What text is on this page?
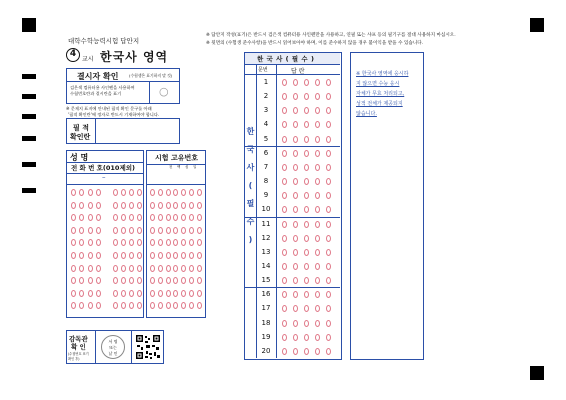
대학수학능력시험 답안지
4
교시 한국사 영역
※ 답안지 작성(표기)은 반드시 검은색 컴퓨터용 사인펜만을 사용하고, 연필 또는 샤프 등의 필기구를 절대 사용하지 마십시오.
※ 뒷면의 (수험생 준수사항)을 반드시 읽어보아야 하며, 이를 준수하지 않을 경우 불이익을 받을 수 있습니다.
결시자 확인	(수험생은 표기하지 말 것)
검은색 컴퓨터용 사인펜을 사용하여
수험번호란과 결시란을 표기	○
※ 문제지 표지에 안내된 필적 확인 문구를 아래
'필적 확인란'에 정자로 반드시 기재하여야 합니다.
필 적
확인란
성 명
전 화 번 호(010제외)
–
시험 고유번호
천 백 십 일
감독관
확 인
(수험번호 표기 확인 후)
서 명
또는
날 인
한 국 사 ( 필 수 )
문번	답 란
한
국
사
(
필
수
)
1
2
3
4
5
6
7
8
9
10
11
12
13
14
15
16
17
18
19
20
※ 한국사 영역에 응시하
지 않으면 수능 응시
자체가 무효 처리되고,
성적 전체가 제공되지
않습니다.
